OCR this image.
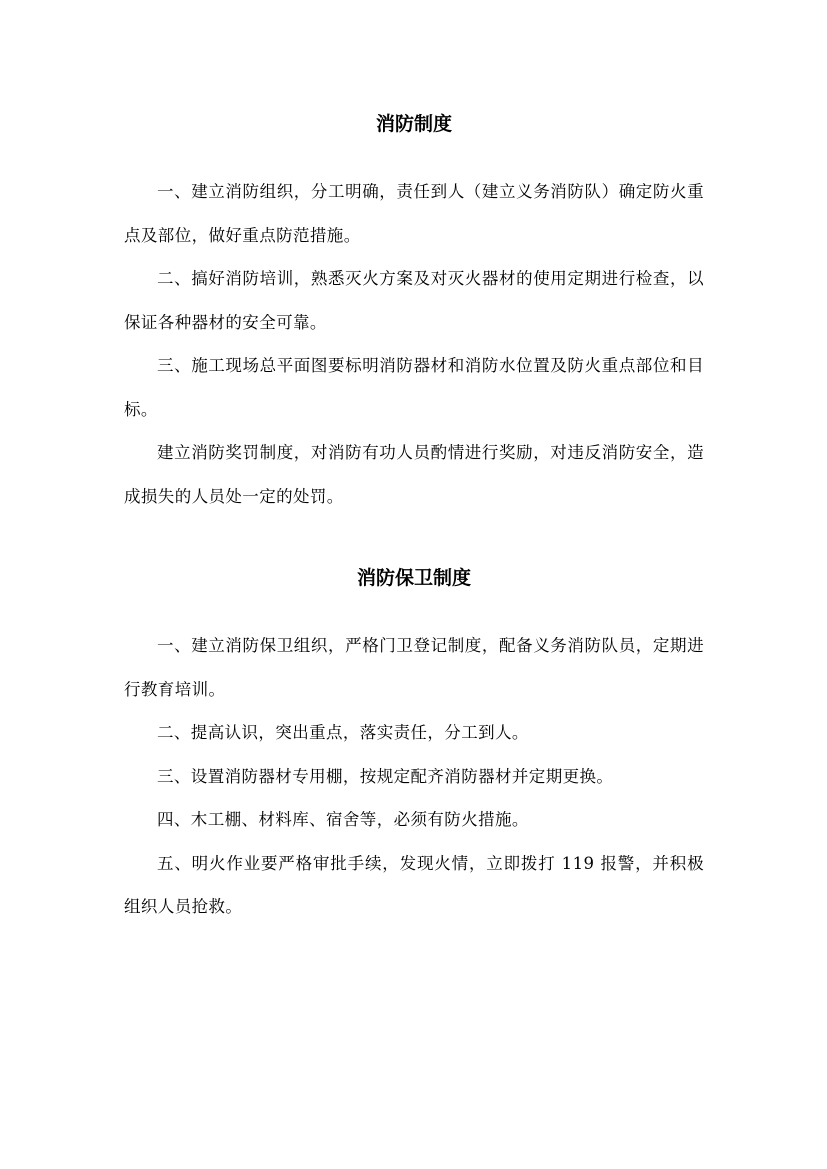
消防制度

一、建立消防组织，分工明确，责任到人（建立义务消防队）确定防火重点及部位，做好重点防范措施。

二、搞好消防培训，熟悉灭火方案及对灭火器材的使用定期进行检查，以保证各种器材的安全可靠。

三、施工现场总平面图要标明消防器材和消防水位置及防火重点部位和目标。

建立消防奖罚制度，对消防有功人员酌情进行奖励，对违反消防安全，造成损失的人员处一定的处罚。

消防保卫制度

一、建立消防保卫组织，严格门卫登记制度，配备义务消防队员，定期进行教育培训。

二、提高认识，突出重点，落实责任，分工到人。

三、设置消防器材专用棚，按规定配齐消防器材并定期更换。

四、木工棚、材料库、宿舍等，必须有防火措施。

五、明火作业要严格审批手续，发现火情，立即拨打 119 报警，并积极组织人员抢救。
